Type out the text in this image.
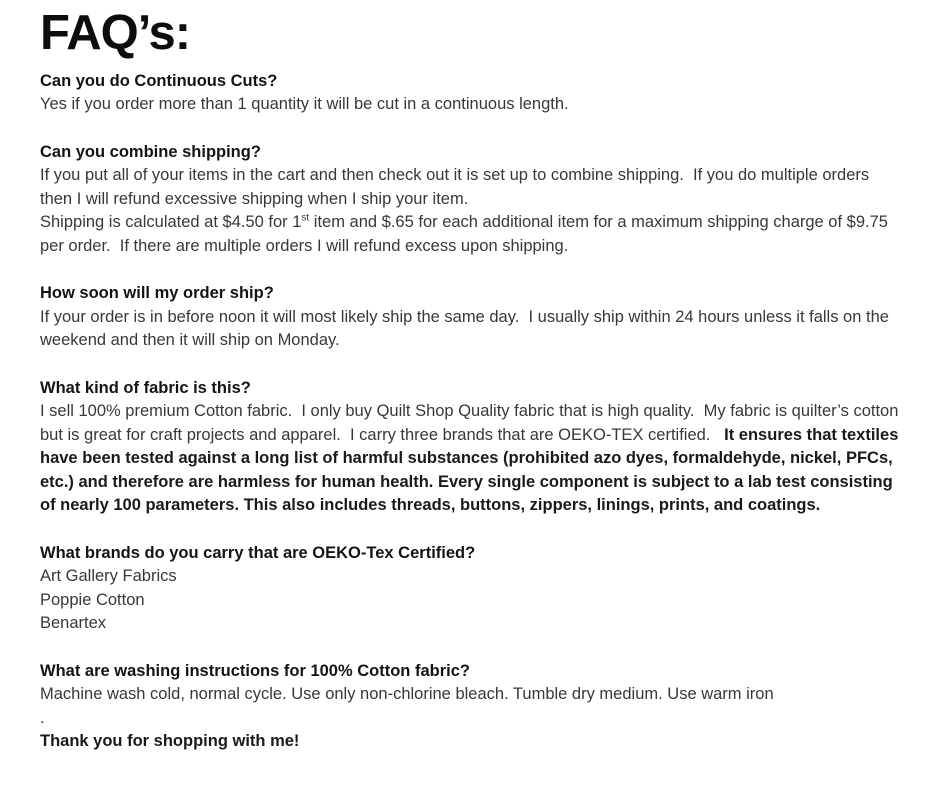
FAQ’s:
Can you do Continuous Cuts?

Yes if you order more than 1 quantity it will be cut in a continuous length.

Can you combine shipping?

If you put all of your items in the cart and then check out it is set up to combine shipping.  If you do multiple orders then I will refund excessive shipping when I ship your item.

Shipping is calculated at $4.50 for 1st item and $.65 for each additional item for a maximum shipping charge of $9.75 per order.  If there are multiple orders I will refund excess upon shipping.

How soon will my order ship?

If your order is in before noon it will most likely ship the same day.  I usually ship within 24 hours unless it falls on the weekend and then it will ship on Monday.

What kind of fabric is this?

I sell 100% premium Cotton fabric.  I only buy Quilt Shop Quality fabric that is high quality.  My fabric is quilter’s cotton but is great for craft projects and apparel.  I carry three brands that are OEKO-TEX certified.   It ensures that textiles have been tested against a long list of harmful substances (prohibited azo dyes, formaldehyde, nickel, PFCs, etc.) and therefore are harmless for human health. Every single component is subject to a lab test consisting of nearly 100 parameters. This also includes threads, buttons, zippers, linings, prints, and coatings.

What brands do you carry that are OEKO-Tex Certified?

Art Gallery Fabrics

Poppie Cotton

Benartex

What are washing instructions for 100% Cotton fabric?

Machine wash cold, normal cycle. Use only non-chlorine bleach. Tumble dry medium. Use warm iron

.

Thank you for shopping with me!
